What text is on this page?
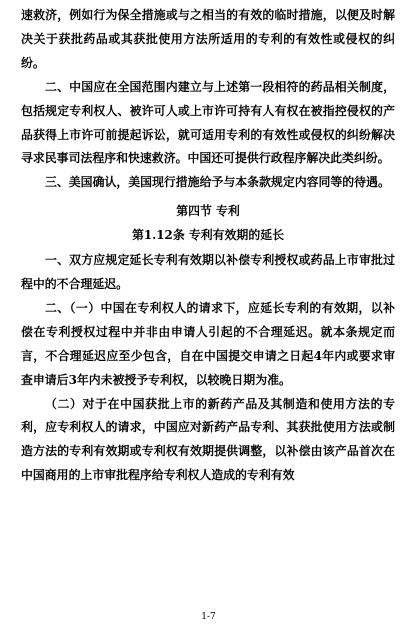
速救济，例如行为保全措施或与之相当的有效的临时措施，以便及时解决关于获批药品或其获批使用方法所适用的专利的有效性或侵权的纠纷。

二、中国应在全国范围内建立与上述第一段相符的药品相关制度，包括规定专利权人、被许可人或上市许可持有人有权在被指控侵权的产品获得上市许可前提起诉讼，就可适用专利的有效性或侵权的纠纷解决寻求民事司法程序和快速救济。中国还可提供行政程序解决此类纠纷。

三、美国确认，美国现行措施给予与本条款规定内容同等的待遇。

第四节 专利

第1.12条 专利有效期的延长

一、双方应规定延长专利有效期以补偿专利授权或药品上市审批过程中的不合理延迟。

二、（一）中国在专利权人的请求下，应延长专利的有效期，以补偿在专利授权过程中并非由申请人引起的不合理延迟。就本条规定而言，不合理延迟应至少包含，自在中国提交申请之日起4年内或要求审查申请后3年内未被授予专利权，以较晚日期为准。

（二）对于在中国获批上市的新药产品及其制造和使用方法的专利，应专利权人的请求，中国应对新药产品专利、其获批使用方法或制造方法的专利有效期或专利权有效期提供调整，以补偿由该产品首次在中国商用的上市审批程序给专利权人造成的专利有效

1-7
